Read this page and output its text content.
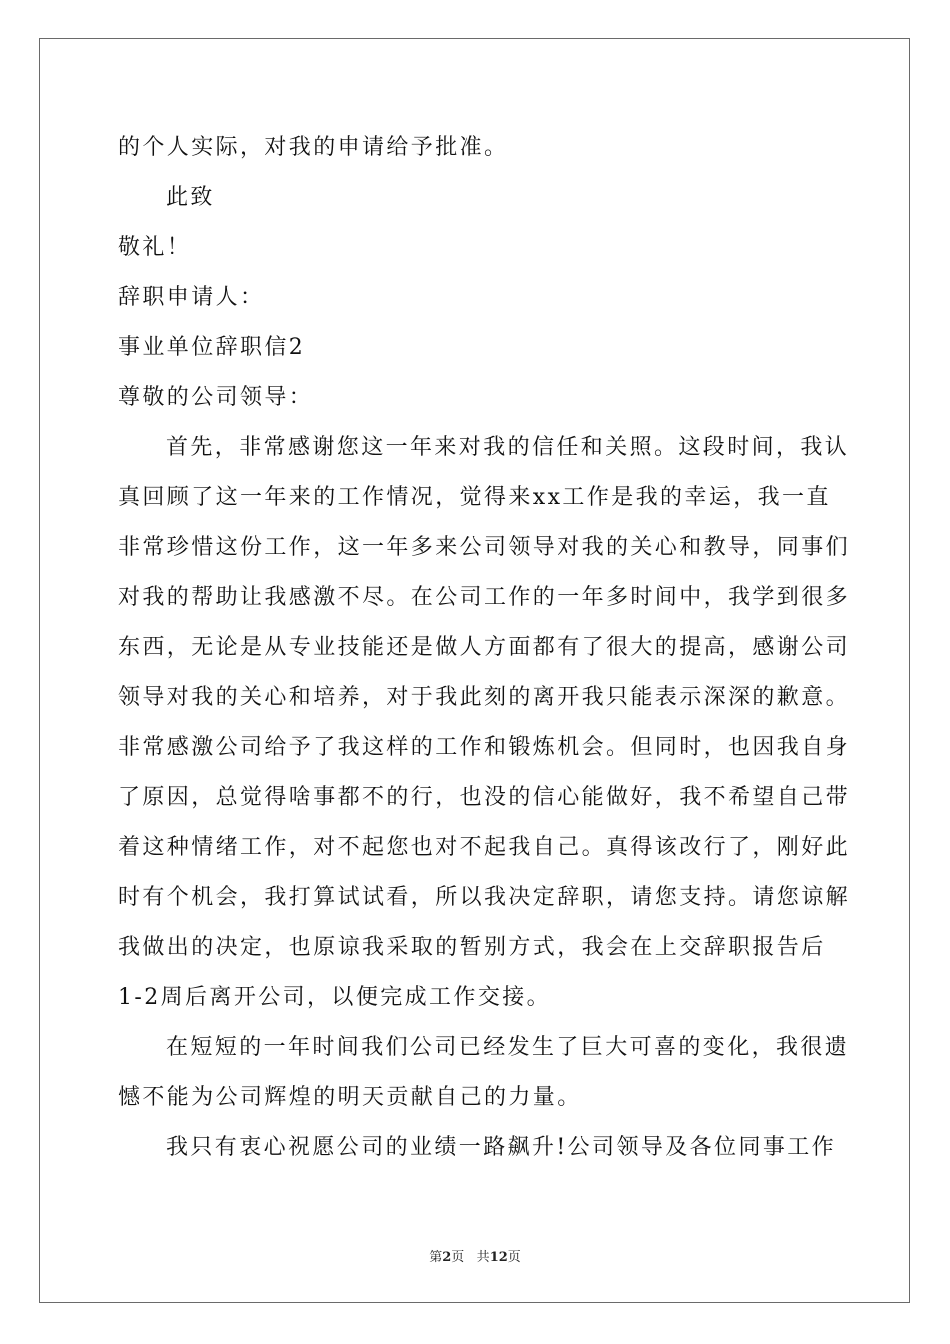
的个人实际，对我的申请给予批准。
此致
敬礼！
辞职申请人：
事业单位辞职信2
尊敬的公司领导：
首先，非常感谢您这一年来对我的信任和关照。这段时间，我认
真回顾了这一年来的工作情况，觉得来xx工作是我的幸运，我一直
非常珍惜这份工作，这一年多来公司领导对我的关心和教导，同事们
对我的帮助让我感激不尽。在公司工作的一年多时间中，我学到很多
东西，无论是从专业技能还是做人方面都有了很大的提高，感谢公司
领导对我的关心和培养，对于我此刻的离开我只能表示深深的歉意。
非常感激公司给予了我这样的工作和锻炼机会。但同时，也因我自身
了原因，总觉得啥事都不的行，也没的信心能做好，我不希望自己带
着这种情绪工作，对不起您也对不起我自己。真得该改行了，刚好此
时有个机会，我打算试试看，所以我决定辞职，请您支持。请您谅解
我做出的决定，也原谅我采取的暂别方式，我会在上交辞职报告后
1-2周后离开公司，以便完成工作交接。
在短短的一年时间我们公司已经发生了巨大可喜的变化，我很遗
憾不能为公司辉煌的明天贡献自己的力量。
我只有衷心祝愿公司的业绩一路飙升!公司领导及各位同事工作
第2页 共12页
